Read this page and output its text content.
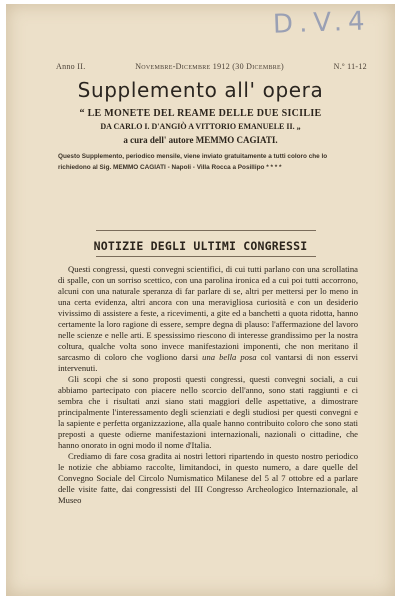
D.V.4
Anno II.	Novembre-Dicembre 1912 (30 Dicembre)	N.º 11-12
Supplemento all' opera
“ LE MONETE DEL REAME DELLE DUE SICILIE
DA CARLO I. D'ANGIÒ A VITTORIO EMANUELE II. „
a cura dell' autore MEMMO CAGIATI.
Questo Supplemento, periodico mensile, viene inviato gratuitamente a tutti coloro che lo richiedono al Sig. MEMMO CAGIATI - Napoli - Villa Rocca a Posillipo * * * *
NOTIZIE DEGLI ULTIMI CONGRESSI

Questi congressi, questi convegni scientifici, di cui tutti parlano con una scrollatina di spalle, con un sorriso scettico, con una parolina ironica ed a cui poi tutti accorrono, alcuni con una naturale speranza di far parlare di se, altri per mettersi per lo meno in una certa evidenza, altri ancora con una meravigliosa curiosità e con un desiderio vivissimo di assistere a feste, a ricevimenti, a gite ed a banchetti a quota ridotta, hanno certamente la loro ragione di essere, sempre degna di plauso: l'affermazione del lavoro nelle scienze e nelle arti. E spessissimo riescono di interesse grandissimo per la nostra coltura, qualche volta sono invece manifestazioni imponenti, che non meritano il sarcasmo di coloro che vogliono darsi una bella posa col vantarsi di non esservi intervenuti.

Gli scopi che si sono proposti questi congressi, questi convegni sociali, a cui abbiamo partecipato con piacere nello scorcio dell'anno, sono stati raggiunti e ci sembra che i risultati anzi siano stati maggiori delle aspettative, a dimostrare principalmente l'interessamento degli scienziati e degli studiosi per questi convegni e la sapiente e perfetta organizzazione, alla quale hanno contribuito coloro che sono stati preposti a queste odierne manifestazioni internazionali, nazionali o cittadine, che hanno onorato in ogni modo il nome d'Italia.

Crediamo di fare cosa gradita ai nostri lettori ripartendo in questo nostro periodico le notizie che abbiamo raccolte, limitandoci, in questo numero, a dare quelle del Convegno Sociale del Circolo Numismatico Milanese del 5 al 7 ottobre ed a parlare delle visite fatte, dai congressisti del III Congresso Archeologico Internazionale, al Museo
